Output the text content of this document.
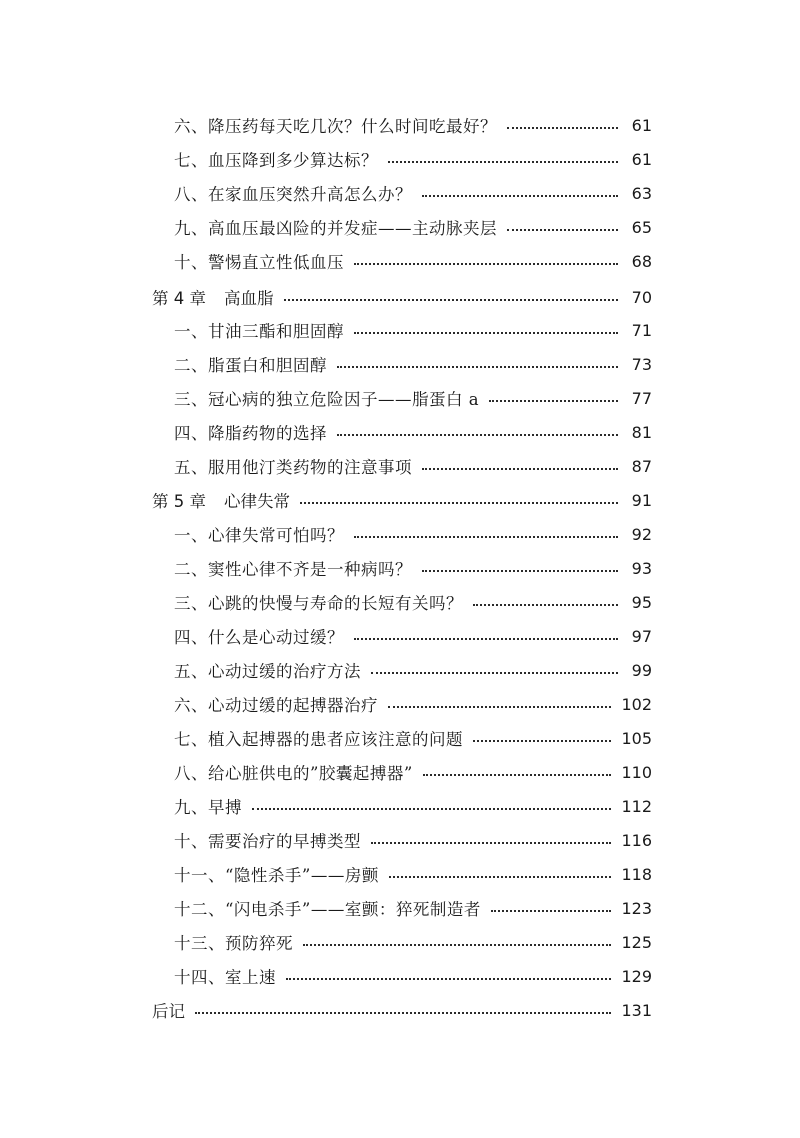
六、降压药每天吃几次？什么时间吃最好？	61
七、血压降到多少算达标？	61
八、在家血压突然升高怎么办？	63
九、高血压最凶险的并发症——主动脉夹层	65
十、警惕直立性低血压	68
第 4 章 高血脂	70
一、甘油三酯和胆固醇	71
二、脂蛋白和胆固醇	73
三、冠心病的独立危险因子——脂蛋白 a	77
四、降脂药物的选择	81
五、服用他汀类药物的注意事项	87
第 5 章 心律失常	91
一、心律失常可怕吗？	92
二、窦性心律不齐是一种病吗？	93
三、心跳的快慢与寿命的长短有关吗？	95
四、什么是心动过缓？	97
五、心动过缓的治疗方法	99
六、心动过缓的起搏器治疗	102
七、植入起搏器的患者应该注意的问题	105
八、给心脏供电的”胶囊起搏器”	110
九、早搏	112
十、需要治疗的早搏类型	116
十一、“隐性杀手”——房颤	118
十二、“闪电杀手”——室颤：猝死制造者	123
十三、预防猝死	125
十四、室上速	129
后记	131
